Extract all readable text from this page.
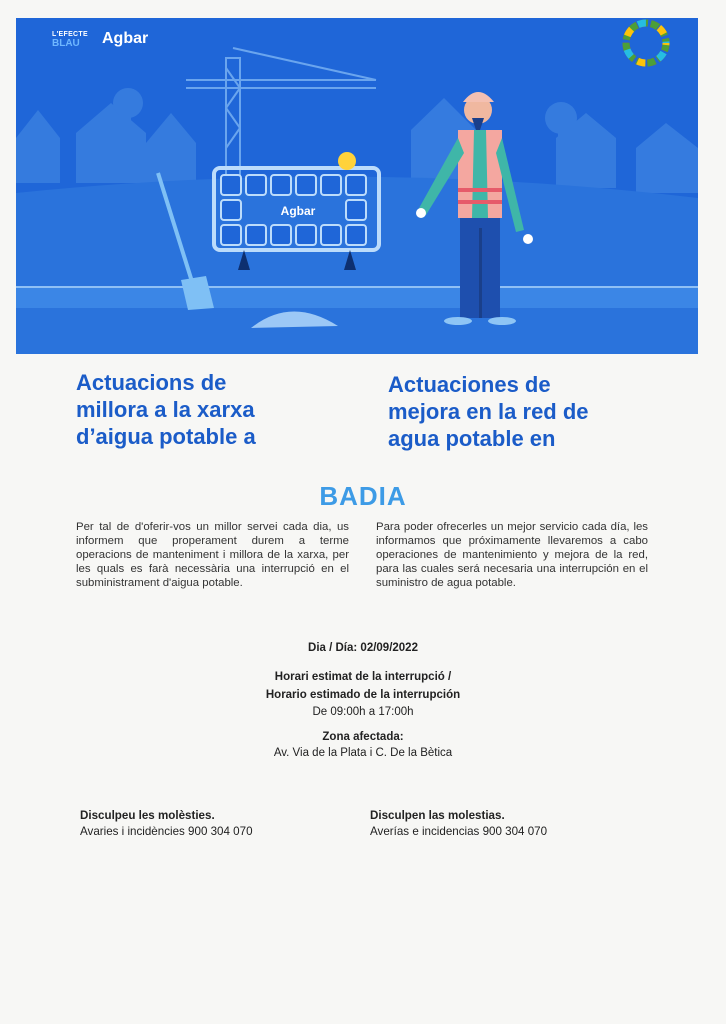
Agbar
L'EFECTE
BLAU	Agbar
Actuacions de
millora a la xarxa
d’aigua potable a
Actuaciones de
mejora en la red de
agua potable en
BADIA
Per tal de d'oferir-vos un millor servei cada dia, us informem que properament durem a terme operacions de manteniment i millora de la xarxa, per les quals es farà necessària una interrupció en el subministrament d'aigua potable.
Para poder ofrecerles un mejor servicio cada día, les informamos que próximamente llevaremos a cabo operaciones de mantenimiento y mejora de la red, para las cuales será necesaria una interrupción en el suministro de agua potable.
Dia / Día: 02/09/2022
Horari estimat de la interrupció /
Horario estimado de la interrupción
De 09:00h a 17:00h
Zona afectada:
Av. Via de la Plata i C. De la Bètica
Disculpeu les molèsties.
Avaries i incidències 900 304 070
Disculpen las molestias.
Averías e incidencias 900 304 070
